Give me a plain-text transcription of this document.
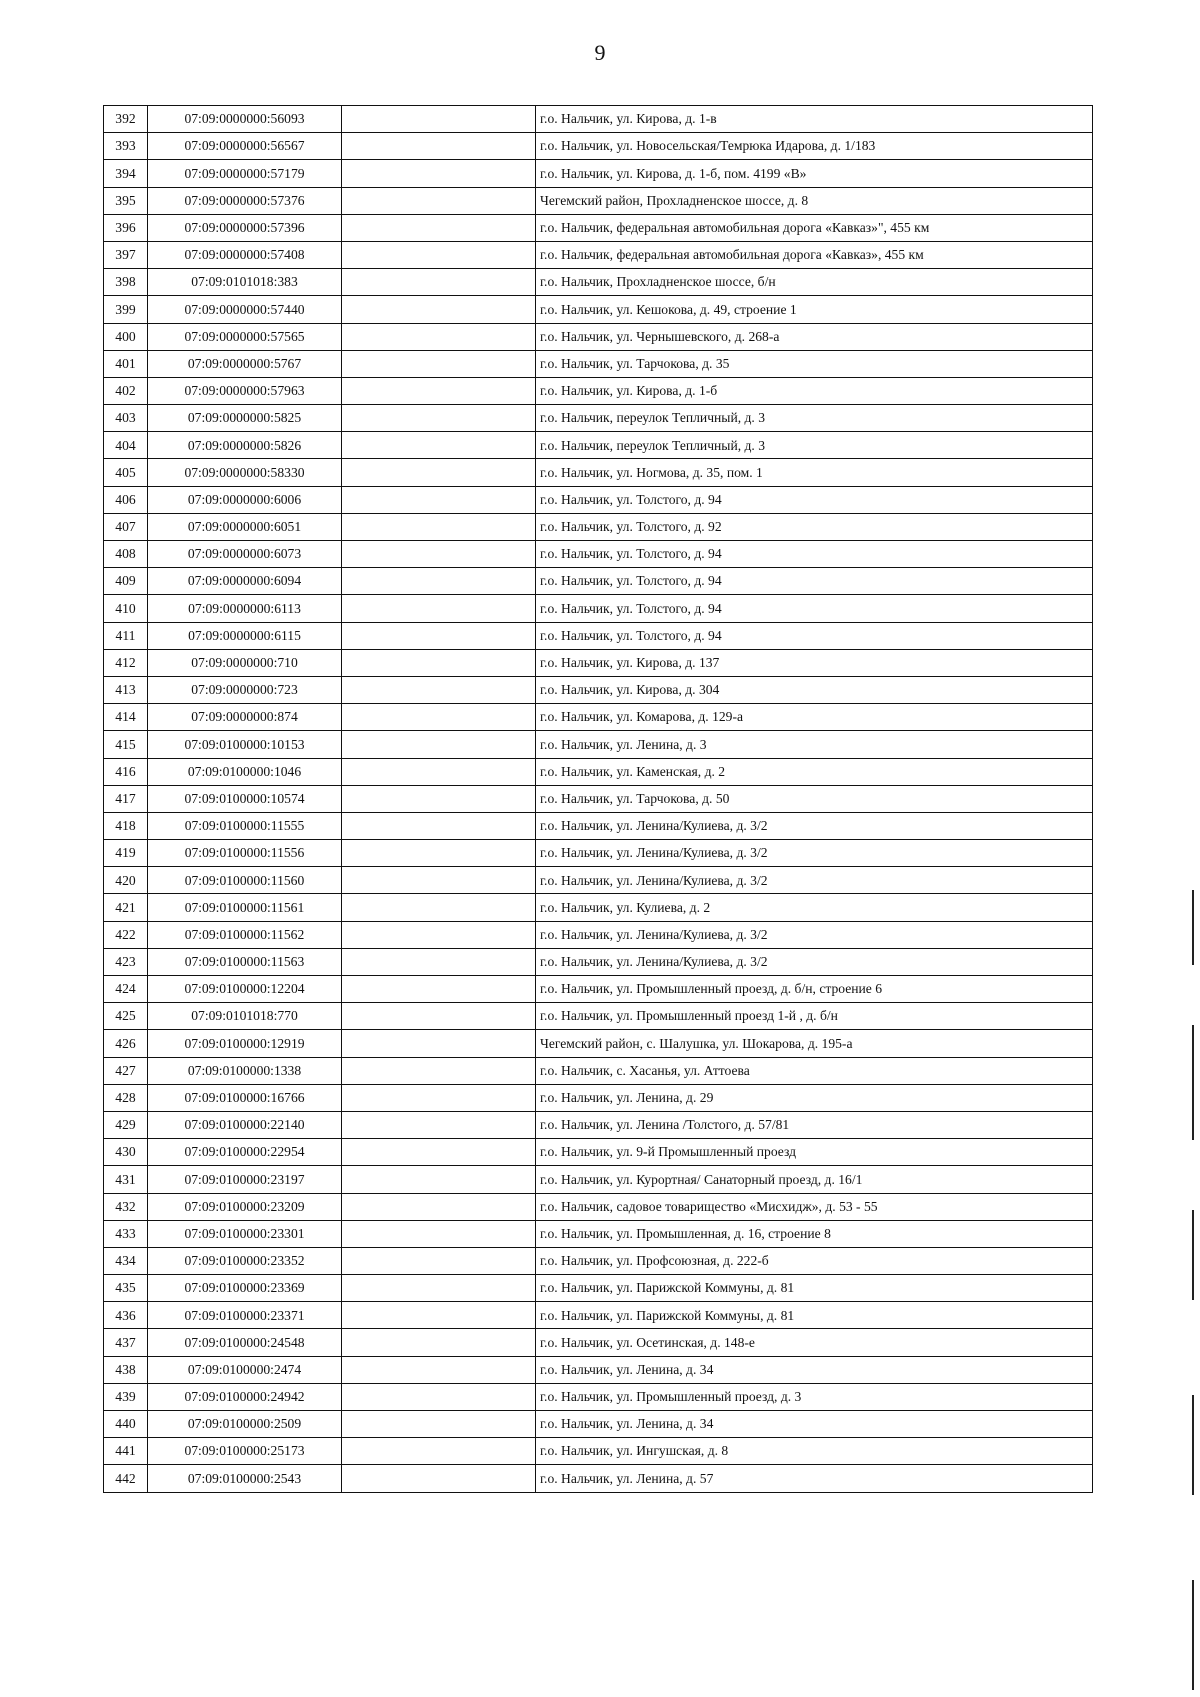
9
392	07:09:0000000:56093		г.о. Нальчик, ул. Кирова, д. 1-в
393	07:09:0000000:56567		г.о. Нальчик, ул. Новосельская/Темрюка Идарова, д. 1/183
394	07:09:0000000:57179		г.о. Нальчик, ул. Кирова, д. 1-б, пом. 4199 «В»
395	07:09:0000000:57376		Чегемский район, Прохладненское шоссе, д. 8
396	07:09:0000000:57396		г.о. Нальчик, федеральная автомобильная дорога «Кавказ»", 455 км
397	07:09:0000000:57408		г.о. Нальчик, федеральная автомобильная дорога «Кавказ», 455 км
398	07:09:0101018:383		г.о. Нальчик, Прохладненское шоссе, б/н
399	07:09:0000000:57440		г.о. Нальчик, ул. Кешокова, д. 49, строение 1
400	07:09:0000000:57565		г.о. Нальчик, ул. Чернышевского, д. 268-а
401	07:09:0000000:5767		г.о. Нальчик, ул. Тарчокова, д. 35
402	07:09:0000000:57963		г.о. Нальчик, ул. Кирова, д. 1-б
403	07:09:0000000:5825		г.о. Нальчик, переулок Тепличный, д. 3
404	07:09:0000000:5826		г.о. Нальчик, переулок Тепличный, д. 3
405	07:09:0000000:58330		г.о. Нальчик, ул. Ногмова, д. 35, пом. 1
406	07:09:0000000:6006		г.о. Нальчик, ул. Толстого, д. 94
407	07:09:0000000:6051		г.о. Нальчик, ул. Толстого, д. 92
408	07:09:0000000:6073		г.о. Нальчик, ул. Толстого, д. 94
409	07:09:0000000:6094		г.о. Нальчик, ул. Толстого, д. 94
410	07:09:0000000:6113		г.о. Нальчик, ул. Толстого, д. 94
411	07:09:0000000:6115		г.о. Нальчик, ул. Толстого, д. 94
412	07:09:0000000:710		г.о. Нальчик, ул. Кирова, д. 137
413	07:09:0000000:723		г.о. Нальчик, ул. Кирова, д. 304
414	07:09:0000000:874		г.о. Нальчик, ул. Комарова, д. 129-а
415	07:09:0100000:10153		г.о. Нальчик, ул. Ленина, д. 3
416	07:09:0100000:1046		г.о. Нальчик, ул. Каменская, д. 2
417	07:09:0100000:10574		г.о. Нальчик, ул. Тарчокова, д. 50
418	07:09:0100000:11555		г.о. Нальчик, ул. Ленина/Кулиева, д. 3/2
419	07:09:0100000:11556		г.о. Нальчик, ул. Ленина/Кулиева, д. 3/2
420	07:09:0100000:11560		г.о. Нальчик, ул. Ленина/Кулиева, д. 3/2
421	07:09:0100000:11561		г.о. Нальчик, ул. Кулиева, д. 2
422	07:09:0100000:11562		г.о. Нальчик, ул. Ленина/Кулиева, д. 3/2
423	07:09:0100000:11563		г.о. Нальчик, ул. Ленина/Кулиева, д. 3/2
424	07:09:0100000:12204		г.о. Нальчик, ул. Промышленный проезд, д. б/н, строение 6
425	07:09:0101018:770		г.о. Нальчик, ул. Промышленный проезд 1-й , д. б/н
426	07:09:0100000:12919		Чегемский район, с. Шалушка, ул. Шокарова, д. 195-а
427	07:09:0100000:1338		г.о. Нальчик, с. Хасанья, ул. Аттоева
428	07:09:0100000:16766		г.о. Нальчик, ул. Ленина, д. 29
429	07:09:0100000:22140		г.о. Нальчик, ул. Ленина /Толстого, д. 57/81
430	07:09:0100000:22954		г.о. Нальчик, ул. 9-й Промышленный проезд
431	07:09:0100000:23197		г.о. Нальчик, ул. Курортная/ Санаторный проезд, д. 16/1
432	07:09:0100000:23209		г.о. Нальчик, садовое товарищество «Мисхидж», д. 53 - 55
433	07:09:0100000:23301		г.о. Нальчик, ул. Промышленная, д. 16, строение 8
434	07:09:0100000:23352		г.о. Нальчик, ул. Профсоюзная, д. 222-б
435	07:09:0100000:23369		г.о. Нальчик, ул. Парижской Коммуны, д. 81
436	07:09:0100000:23371		г.о. Нальчик, ул. Парижской Коммуны, д. 81
437	07:09:0100000:24548		г.о. Нальчик, ул. Осетинская, д. 148-е
438	07:09:0100000:2474		г.о. Нальчик, ул. Ленина, д. 34
439	07:09:0100000:24942		г.о. Нальчик, ул. Промышленный проезд, д. 3
440	07:09:0100000:2509		г.о. Нальчик, ул. Ленина, д. 34
441	07:09:0100000:25173		г.о. Нальчик, ул. Ингушская, д. 8
442	07:09:0100000:2543		г.о. Нальчик, ул. Ленина, д. 57
